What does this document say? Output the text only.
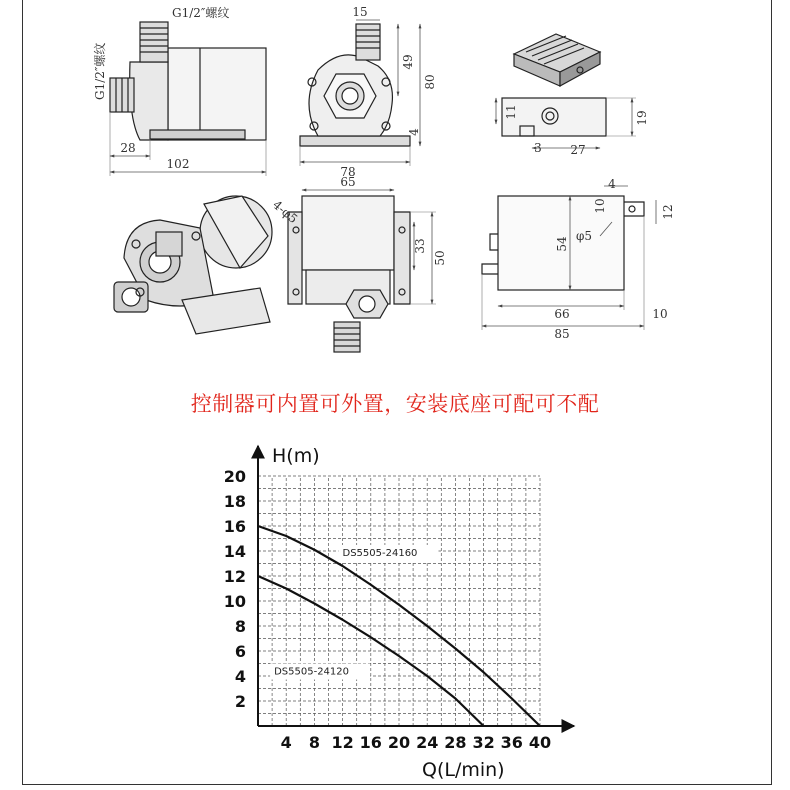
G1/2″螺纹
G1/2″螺纹
102
28
15
49
80
4
78
11	19
3 27
65
4-φ5
33
50
4
10	12
φ5
54
66	10
85
控制器可内置可外置，安装底座可配可不配
4 8 12 16 20 24 28 32 36 40
2
4
6
8
10
12
14
16
18
20
DS5505-24160
DS5505-24120
H(m)
Q(L/min)
